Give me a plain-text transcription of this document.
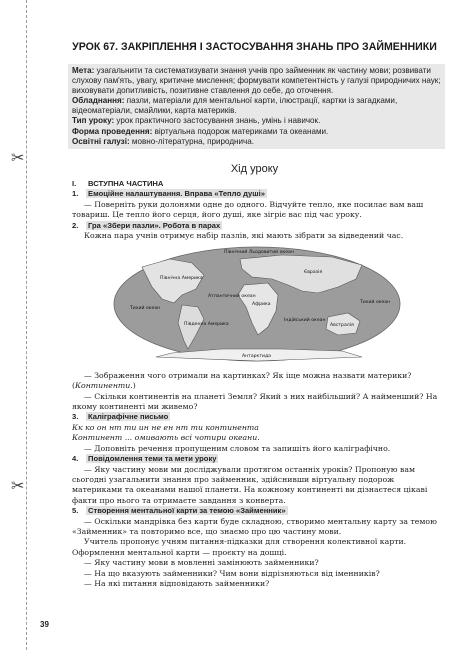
✂
✂
УРОК 67. ЗАКРІПЛЕННЯ І ЗАСТОСУВАННЯ ЗНАНЬ ПРО ЗАЙМЕННИКИ

Мета: узагальнити та систематизувати знання учнів про займенник як частину мови; розвивати слухову пам'ять, увагу, критичне мислення; формувати компетентність у галузі природничих наук; виховувати допитливість, позитивне ставлення до себе, до оточення.

Обладнання: пазли, матеріали для ментальної карти, ілюстрації, картки із загадками, відеоматеріали, смайлики, карта материків.

Тип уроку: урок практичного застосування знань, умінь і навичок.

Форма проведення: віртуальна подорож материками та океанами.

Освітні галузі: мовно-літературна, природнича.

Хід уроку

I. ВСТУПНА ЧАСТИНА

1. Емоційне налаштування. Вправа «Тепло душі»

— Поверніть руки долонями одне до одного. Відчуйте тепло, яке посилає вам ваш товариш. Це тепло його серця, його душі, яке зігріє вас під час уроку.

2. Гра «Збери пазли». Робота в парах

Кожна пара учнів отримує набір пазлів, які мають зібрати за відведений час.

Північний Льодовитий океан
Євразія
Північна Америка
Південна Америка
Африка
Австралія
Антарктида
Атлантичний океан
Тихий океан
Тихий океан
Індійський океан

— Зображення чого отримали на картинках? Як іще можна назвати материки? (Континенти.)

— Скільки континентів на планеті Земля? Який з них найбільший? А найменший? На якому континенті ми живемо?

3. Каліграфічне письмо

Кк ко он нт ти ин не ен нт ти континента

Континент ... омивають всі чотири океани.

— Доповніть речення пропущеним словом та запишіть його каліграфічно.

4. Повідомлення теми та мети уроку

— Яку частину мови ми досліджували протягом останніх уроків? Пропоную вам сьогодні узагальнити знання про займенник, здійснивши віртуальну подорож материками та океанами нашої планети. На кожному континенті ви дізнаєтеся цікаві факти про нього та отримаєте завдання з конверта.

5. Створення ментальної карти за темою «Займенник»

— Оскільки мандрівка без карти буде складною, створимо ментальну карту за темою «Займенник» та повторимо все, що знаємо про цю частину мови.

Учитель пропонує учням питання-підказки для створення колективної карти. Оформлення ментальної карти — проєкту на дошці.

— Яку частину мови в мовленні замінюють займенники?

— На що вказують займенники? Чим вони відрізняються від іменників?

— На які питання відповідають займенники?

39
